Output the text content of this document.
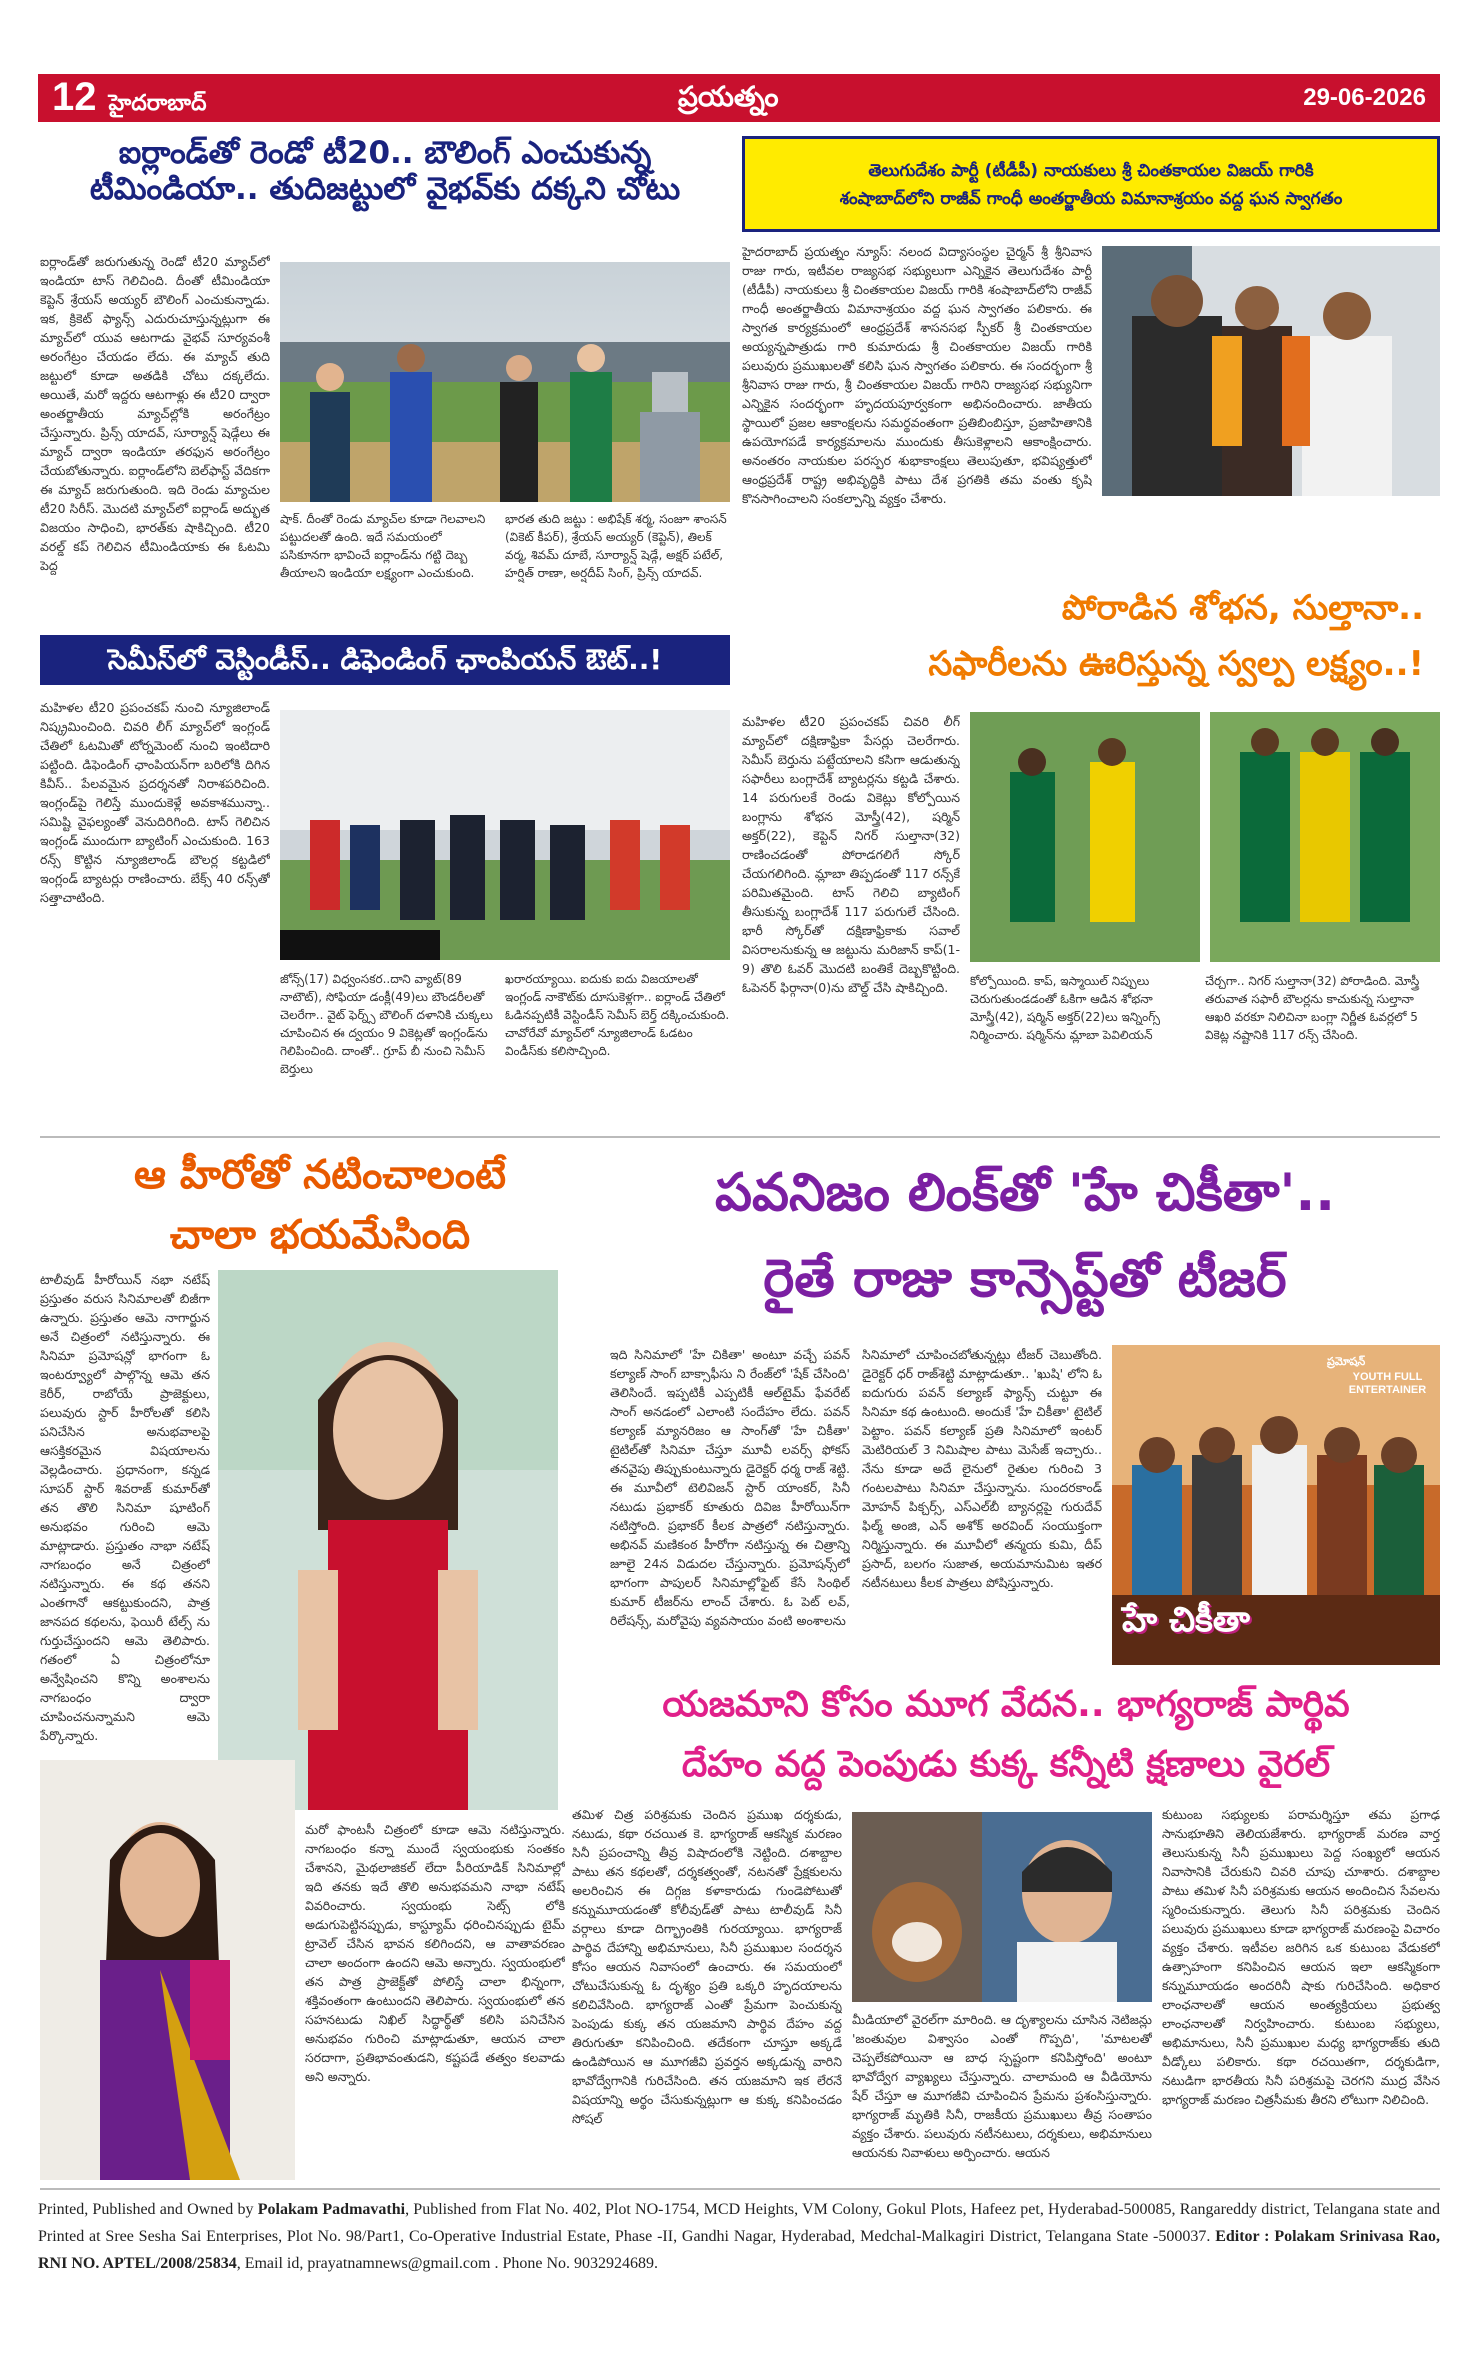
12 హైదరాబాద్	ప్రయత్నం	29-06-2026
ఐర్లాండ్‌తో రెండో టీ20.. బౌలింగ్ ఎంచుకున్న
టీమిండియా.. తుదిజట్టులో వైభవ్‌కు దక్కని చోటు
ఐర్లాండ్‌తో జరుగుతున్న రెండో టీ20 మ్యాచ్‌లో ఇండియా టాస్ గెలిచింది. దీంతో టీమిండియా కెప్టెన్ శ్రేయస్ అయ్యర్ బౌలింగ్ ఎంచుకున్నాడు. ఇక, క్రికెట్ ఫ్యాన్స్ ఎదురుచూస్తున్నట్లుగా ఈ మ్యాచ్‌లో యువ ఆటగాడు వైభవ్ సూర్యవంశీ అరంగేట్రం చేయడం లేదు. ఈ మ్యాచ్ తుది జట్టులో కూడా అతడికి చోటు దక్కలేదు. అయితే, మరో ఇద్దరు ఆటగాళ్లు ఈ టీ20 ద్వారా అంతర్జాతీయ మ్యాచ్‌ల్లోకి అరంగేట్రం చేస్తున్నారు. ప్రిన్స్ యాదవ్, సూర్యాన్ష్ షెడ్గేలు ఈ మ్యాచ్ ద్వారా ఇండియా తరఫున అరంగేట్రం చేయబోతున్నారు. ఐర్లాండ్‌లోని బెల్‌ఫాస్ట్ వేదికగా ఈ మ్యాచ్ జరుగుతుంది. ఇది రెండు మ్యాచుల టీ20 సిరీస్. మొదటి మ్యాచ్‌లో ఐర్లాండ్ అద్భుత విజయం సాధించి, భారత్‌కు షాకిచ్చింది. టీ20 వరల్డ్ కప్ గెలిచిన టీమిండియాకు ఈ ఓటమి పెద్ద
షాక్. దీంతో రెండు మ్యాచ్‌ల కూడా గెలవాలని పట్టుదలతో ఉంది. ఇదే సమయంలో పసికూనగా భావించే ఐర్లాండ్‌ను గట్టి దెబ్బ తీయాలని ఇండియా లక్ష్యంగా ఎంచుకుంది.
భారత తుది జట్టు : అభిషేక్ శర్మ, సంజూ శాంసన్ (వికెట్ కీపర్), శ్రేయస్ అయ్యర్ (కెప్టెన్), తిలక్ వర్మ, శివమ్ దూబే, సూర్యాన్ష్ షెడ్గే, అక్షర్ పటేల్, హర్షిత్ రాణా, అర్షదీప్ సింగ్, ప్రిన్స్ యాదవ్.
తెలుగుదేశం పార్టీ (టీడీపీ) నాయకులు శ్రీ చింతకాయల విజయ్ గారికి
శంషాబాద్‌లోని రాజీవ్ గాంధీ అంతర్జాతీయ విమానాశ్రయం వద్ద ఘన స్వాగతం
హైదరాబాద్ ప్రయత్నం న్యూస్: నలంద విద్యాసంస్థల చైర్మన్ శ్రీ శ్రీనివాస రాజు గారు, ఇటీవల రాజ్యసభ సభ్యులుగా ఎన్నికైన తెలుగుదేశం పార్టీ (టీడీపీ) నాయకులు శ్రీ చింతకాయల విజయ్ గారికి శంషాబాద్‌లోని రాజీవ్ గాంధీ అంతర్జాతీయ విమానాశ్రయం వద్ద ఘన స్వాగతం పలికారు. ఈ స్వాగత కార్యక్రమంలో ఆంధ్రప్రదేశ్ శాసనసభ స్పీకర్ శ్రీ చింతకాయల అయ్యన్నపాత్రుడు గారి కుమారుడు శ్రీ చింతకాయల విజయ్ గారికి పలువురు ప్రముఖులతో కలిసి ఘన స్వాగతం పలికారు. ఈ సందర్భంగా శ్రీ శ్రీనివాస రాజు గారు, శ్రీ చింతకాయల విజయ్ గారిని రాజ్యసభ సభ్యునిగా ఎన్నికైన సందర్భంగా హృదయపూర్వకంగా అభినందించారు. జాతీయ స్థాయిలో ప్రజల ఆకాంక్షలను సమర్థవంతంగా ప్రతిబింబిస్తూ, ప్రజాహితానికి ఉపయోగపడే కార్యక్రమాలను ముందుకు తీసుకెళ్లాలని ఆకాంక్షించారు. అనంతరం నాయకుల పరస్పర శుభాకాంక్షలు తెలుపుతూ, భవిష్యత్తులో ఆంధ్రప్రదేశ్ రాష్ట్ర అభివృద్ధికి పాటు దేశ ప్రగతికి తమ వంతు కృషి కొనసాగించాలని సంకల్పాన్ని వ్యక్తం చేశారు.
సెమీస్‌లో వెస్టిండీస్.. డిఫెండింగ్ ఛాంపియన్ ఔట్..!
మహిళల టీ20 ప్రపంచకప్ నుంచి న్యూజిలాండ్ నిష్క్రమించింది. చివరి లీగ్ మ్యాచ్‌లో ఇంగ్లండ్ చేతిలో ఓటమితో టోర్నమెంట్ నుంచి ఇంటిదారి పట్టింది. డిఫెండింగ్ ఛాంపియన్‌గా బరిలోకి దిగిన కివీస్.. పేలవమైన ప్రదర్శనతో నిరాశపరిచింది. ఇంగ్లండ్‌పై గెలిస్తే ముందుకెళ్లే అవకాశమున్నా.. సమిష్టి వైఫల్యంతో వెనుదిరిగింది. టాస్ గెలిచిన ఇంగ్లండ్ ముందుగా బ్యాటింగ్ ఎంచుకుంది. 163 రన్స్ కొట్టిన న్యూజిలాండ్ బౌలర్ల కట్టడిలో ఇంగ్లండ్ బ్యాటర్లు రాణించారు. బేక్స్ 40 రన్స్‌తో సత్తాచాటింది.
జోన్స్(17) విధ్వంసకర..దాని వ్యాట్(89 నాటౌట్), సోఫియా డంక్లీ(49)లు బౌండరీలతో చెలరేగా.. వైట్ ఫెర్న్స్ బౌలింగ్ దళానికి చుక్కలు చూపించిన ఈ ద్వయం 9 వికెట్లతో ఇంగ్లండ్‌ను గెలిపించింది. దాంతో.. గ్రూప్ బీ నుంచి సెమీస్ బెర్తులు
ఖరారయ్యాయి. ఐదుకు ఐదు విజయాలతో ఇంగ్లండ్ నాకౌట్‌కు దూసుకెళ్లగా.. ఐర్లాండ్ చేతిలో ఓడినప్పటికీ వెస్టిండీస్ సెమీస్ బెర్త్ దక్కించుకుంది. చావోరేవో మ్యాచ్‌లో న్యూజిలాండ్ ఓడటం విండీస్‌కు కలిసొచ్చింది.
పోరాడిన శోభన, సుల్తానా..
సఫారీలను ఊరిస్తున్న స్వల్ప లక్ష్యం..!
మహిళల టీ20 ప్రపంచకప్ చివరి లీగ్ మ్యాచ్‌లో దక్షిణాఫ్రికా పేసర్లు చెలరేగారు. సెమీస్ బెర్తును పట్టేయాలని కసిగా ఆడుతున్న సఫారీలు బంగ్లాదేశ్ బ్యాటర్లను కట్టడి చేశారు. 14 పరుగులకే రెండు వికెట్లు కోల్పోయిన బంగ్లాను శోభన మోస్త్రీ(42), షర్మిన్ అక్తర్(22), కెప్టెన్ నిగర్ సుల్తానా(32) రాణించడంతో పోరాడగలిగే స్కోర్ చేయగలిగింది. మ్లాబా తిప్పడంతో 117 రన్స్‌కే పరిమితమైంది. టాస్ గెలిచి బ్యాటింగ్ తీసుకున్న బంగ్లాదేశ్ 117 పరుగులే చేసింది. భారీ స్కోర్‌తో దక్షిణాఫ్రికాకు సవాల్ విసరాలనుకున్న ఆ జట్టును మరిజాన్ కాప్(1-9) తొలి ఓవర్ మొదటి బంతికే దెబ్బకొట్టింది. ఓపెనర్ ఫిర్గానా(0)ను బౌల్డ్ చేసి షాకిచ్చింది.	కోల్పోయింది. కాప్, ఇస్మాయిల్ నిప్పులు చెరుగుతుండడంతో ఓకిగా ఆడిన శోభనా మోస్త్రీ(42), షర్మిన్ అక్తర్(22)లు ఇన్నింగ్స్ నిర్మించారు. షర్మిన్‌ను మ్లాబా పెవిలియన్
చేర్చగా.. నిగర్ సుల్తానా(32) పోరాడింది. మోస్త్రీ తరువాత సఫారీ బౌలర్లను కాచుకున్న సుల్తానా ఆఖరి వరకూ నిలిచినా బంగ్లా నిర్ణీత ఓవర్లలో 5 వికెట్ల నష్టానికి 117 రన్స్ చేసింది.
ఆ హీరోతో నటించాలంటే
చాలా భయమేసింది
టాలీవుడ్ హీరోయిన్ నభా నటేష్ ప్రస్తుతం వరుస సినిమాలతో బిజీగా ఉన్నారు. ప్రస్తుతం ఆమె నాగార్జున అనే చిత్రంలో నటిస్తున్నారు. ఈ సినిమా ప్రమోషన్లో భాగంగా ఓ ఇంటర్వ్యూలో పాల్గొన్న ఆమె తన కెరీర్, రాబోయే ప్రాజెక్టులు, పలువురు స్టార్ హీరోలతో కలిసి పనిచేసిన అనుభవాలపై ఆసక్తికరమైన విషయాలను వెల్లడించారు. ప్రధానంగా, కన్నడ సూపర్ స్టార్ శివరాజ్ కుమార్‌తో తన తొలి సినిమా షూటింగ్ అనుభవం గురించి ఆమె మాట్లాడారు. ప్రస్తుతం నాభా నటేష్ నాగబంధం అనే చిత్రంలో నటిస్తున్నారు. ఈ కథ తనని ఎంతగానో ఆకట్టుకుందని, పాత్ర జానపద కథలను, ఫెయిరీ టేల్స్ ను గుర్తుచేస్తుందని ఆమె తెలిపారు. గతంలో ఏ చిత్రంలోనూ అన్వేషించని కొన్ని అంశాలను నాగబంధం ద్వారా చూపించనున్నామని ఆమె పేర్కొన్నారు.
మరో ఫాంటసీ చిత్రంలో కూడా ఆమె నటిస్తున్నారు. నాగబంధం కన్నా ముందే స్వయంభుకు సంతకం చేశానని, మైథలాజికల్ లేదా పీరియాడిక్ సినిమాల్లో ఇది తనకు ఇదే తొలి అనుభవమని నాభా నటేష్ వివరించారు. స్వయంభు సెట్స్ లోకి అడుగుపెట్టినప్పుడు, కాస్ట్యూమ్ ధరించినప్పుడు టైమ్ ట్రావెల్ చేసిన భావన కలిగిందని, ఆ వాతావరణం చాలా అందంగా ఉందని ఆమె అన్నారు. స్వయంభులో తన పాత్ర ప్రాజెక్ట్‌తో పోలిస్తే చాలా భిన్నంగా, శక్తివంతంగా ఉంటుందని తెలిపారు. స్వయంభులో తన సహనటుడు నిఖిల్ సిద్ధార్థ్‌తో కలిసి పనిచేసిన అనుభవం గురించి మాట్లాడుతూ, ఆయన చాలా సరదాగా, ప్రతిభావంతుడని, కష్టపడే తత్వం కలవాడు అని అన్నారు.
పవనిజం లింక్‌తో 'హే చికీతా'..
రైతే రాజు కాన్సెప్ట్‌తో టీజర్
ఇది సినిమాలో 'హే చికితా' అంటూ వచ్చే పవన్ కల్యాణ్ సాంగ్ బాక్సాఫీసు ని రేంజ్‌లో 'షేక్ చేసింది' తెలిసిందే. ఇప్పటికీ ఎప్పటికీ ఆల్‌టైమ్ ఫేవరేట్ సాంగ్ అనడంలో ఎలాంటి సందేహం లేదు. పవన్ కల్యాణ్ మ్యానరిజం ఆ సాంగ్‌తో 'హే చికీతా' టైటిల్‌తో సినిమా చేస్తూ మూవీ లవర్స్ ఫోకస్ తనవైపు తిప్పుకుంటున్నారు డైరెక్టర్ ధర్మ రాజ్ శెట్టి. ఈ మూవీలో టెలివిజన్ స్టార్ యాంకర్, సినీ నటుడు ప్రభాకర్ కూతురు దివిజ హీరోయిన్‌గా నటిస్తోంది. ప్రభాకర్ కీలక పాత్రలో నటిస్తున్నారు. అభినవ్ మణికంఠ హీరోగా నటిస్తున్న ఈ చిత్రాన్ని జూలై 24న విడుదల చేస్తున్నారు. ప్రమోషన్స్‌లో భాగంగా పాపులర్ సినిమాల్లోఫైట్ కేసే సింథిల్ కుమార్ టీజర్‌ను లాంచ్ చేశారు. ఓ పెట్ లవ్, రిలేషన్స్, మరోవైపు వ్యవసాయం వంటి అంశాలను
సినిమాలో చూపించబోతున్నట్లు టీజర్ చెబుతోంది. డైరెక్టర్ ధర్ రాజ్‌శెట్టి మాట్లాడుతూ.. 'ఖుషి' లోని ఓ ఐదుగురు పవన్ కల్యాణ్ ఫ్యాన్స్ చుట్టూ ఈ సినిమా కథ ఉంటుంది. అందుకే 'హే చికీతా' టైటిల్ పెట్టాం. పవన్ కల్యాణ్ ప్రతి సినిమాలో ఇంటర్ మెటిరియల్ 3 నిమిషాల పాటు మెసేజ్ ఇచ్చారు.. నేను కూడా అదే లైనులో రైతుల గురించి 3 గంటలపాటు సినిమా చేస్తున్నాను. సుందరకాండ్ మోహన్ పిక్చర్స్, ఎస్‌ఎల్‌బీ బ్యానర్లపై గురుదేవ్ ఫిల్మ్ అంజి, ఎన్ అశోక్ అరవింద్ సంయుక్తంగా నిర్మిస్తున్నారు. ఈ మూవీలో తన్మయ కుమి, దీప్ ప్రసాద్, బలగం సుజాత, అయమానుమిట ఇతర నటీనటులు కీలక పాత్రలు పోషిస్తున్నారు.
ప్రమోషన్
YOUTH FULL ENTERTAINER
హే చికీతా
యజమాని కోసం మూగ వేదన.. భాగ్యరాజ్ పార్థివ
దేహం వద్ద పెంపుడు కుక్క కన్నీటి క్షణాలు వైరల్
తమిళ చిత్ర పరిశ్రమకు చెందిన ప్రముఖ దర్శకుడు, నటుడు, కథా రచయిత కె. భాగ్యరాజ్ ఆకస్మిక మరణం సినీ ప్రపంచాన్ని తీవ్ర విషాదంలోకి నెట్టింది. దశాబ్దాల పాటు తన కథలతో, దర్శకత్వంతో, నటనతో ప్రేక్షకులను అలరించిన ఈ దిగ్గజ కళాకారుడు గుండెపోటుతో కన్నుమూయడంతో కోలీవుడ్‌తో పాటు టాలీవుడ్ సినీ వర్గాలు కూడా దిగ్భ్రాంతికి గురయ్యాయి. భాగ్యరాజ్ పార్థివ దేహాన్ని అభిమానులు, సినీ ప్రముఖుల సందర్శన కోసం ఆయన నివాసంలో ఉంచారు. ఈ సమయంలో చోటుచేసుకున్న ఓ దృశ్యం ప్రతి ఒక్కరి హృదయాలను కలిచివేసింది. భాగ్యరాజ్ ఎంతో ప్రేమగా పెంచుకున్న పెంపుడు కుక్క తన యజమాని పార్థివ దేహం వద్ద తిరుగుతూ కనిపించింది. తదేకంగా చూస్తూ అక్కడే ఉండిపోయిన ఆ మూగజీవి ప్రవర్తన అక్కడున్న వారిని భావోద్వేగానికి గురిచేసింది. తన యజమాని ఇక లేరనే విషయాన్ని అర్థం చేసుకున్నట్లుగా ఆ కుక్క కనిపించడం సోషల్
మీడియాలో వైరల్‌గా మారింది. ఆ దృశ్యాలను చూసిన నెటిజన్లు 'జంతువుల విశ్వాసం ఎంతో గొప్పది', 'మాటలతో చెప్పలేకపోయినా ఆ బాధ స్పష్టంగా కనిపిస్తోంది' అంటూ భావోద్వేగ వ్యాఖ్యలు చేస్తున్నారు. చాలామంది ఆ వీడియోను షేర్ చేస్తూ ఆ మూగజీవి చూపించిన ప్రేమను ప్రశంసిస్తున్నారు. భాగ్యరాజ్ మృతికి సినీ, రాజకీయ ప్రముఖులు తీవ్ర సంతాపం వ్యక్తం చేశారు. పలువురు నటీనటులు, దర్శకులు, అభిమానులు ఆయనకు నివాళులు అర్పించారు. ఆయన
కుటుంబ సభ్యులకు పరామర్శిస్తూ తమ ప్రగాఢ సానుభూతిని తెలియజేశారు. భాగ్యరాజ్ మరణ వార్త తెలుసుకున్న సినీ ప్రముఖులు పెద్ద సంఖ్యలో ఆయన నివాసానికి చేరుకుని చివరి చూపు చూశారు. దశాబ్దాల పాటు తమిళ సినీ పరిశ్రమకు ఆయన అందించిన సేవలను స్మరించుకున్నారు. తెలుగు సినీ పరిశ్రమకు చెందిన పలువురు ప్రముఖులు కూడా భాగ్యరాజ్ మరణంపై విచారం వ్యక్తం చేశారు. ఇటీవల జరిగిన ఒక కుటుంబ వేడుకలో ఉత్సాహంగా కనిపించిన ఆయన ఇలా ఆకస్మికంగా కన్నుమూయడం అందరినీ షాకు గురిచేసింది. అధికార లాంఛనాలతో ఆయన అంత్యక్రియలు ప్రభుత్వ లాంఛనాలతో నిర్వహించారు. కుటుంబ సభ్యులు, అభిమానులు, సినీ ప్రముఖుల మధ్య భాగ్యరాజ్‌కు తుది వీడ్కోలు పలికారు. కథా రచయితగా, దర్శకుడిగా, నటుడిగా భారతీయ సినీ పరిశ్రమపై చెరగని ముద్ర వేసిన భాగ్యరాజ్ మరణం చిత్రసీమకు తీరని లోటుగా నిలిచింది.
Printed, Published and Owned by Polakam Padmavathi, Published from Flat No. 402, Plot NO-1754, MCD Heights, VM Colony, Gokul Plots, Hafeez pet, Hyderabad-500085, Rangareddy district, Telangana state and Printed at Sree Sesha Sai Enterprises, Plot No. 98/Part1, Co-Operative Industrial Estate, Phase -II, Gandhi Nagar, Hyderabad, Medchal-Malkagiri District, Telangana State -500037. Editor : Polakam Srinivasa Rao, RNI NO. APTEL/2008/25834, Email id, prayatnamnews@gmail.com . Phone No. 9032924689.
